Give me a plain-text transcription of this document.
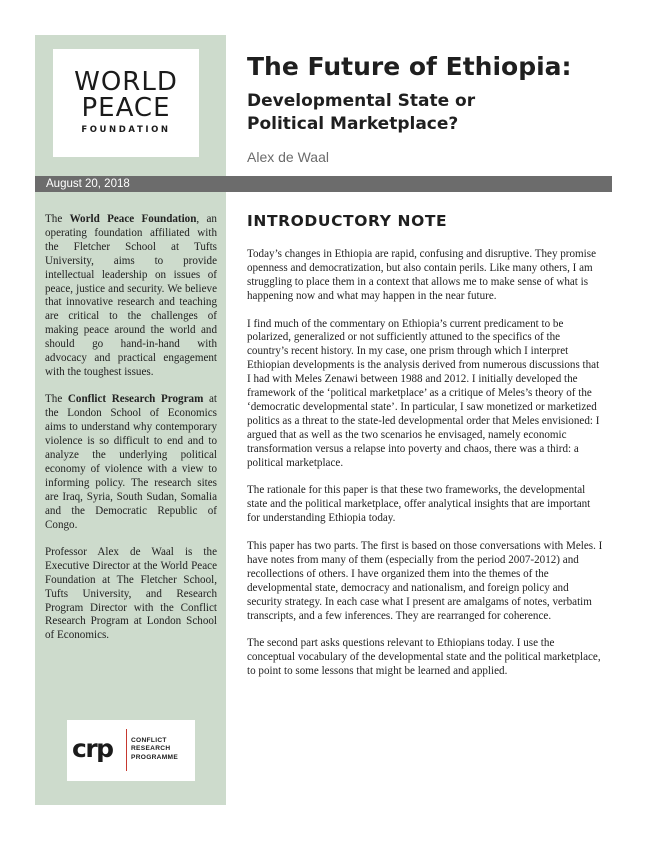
WORLD
PEACE
FOUNDATION
The Future of Ethiopia:
Developmental State or Political Marketplace?
Alex de Waal
August 20, 2018

The World Peace Foundation, an operating foundation affiliated with the Fletcher School at Tufts University, aims to provide intellectual leadership on issues of peace, justice and security. We believe that innovative research and teaching are critical to the challenges of making peace around the world and should go hand-in-hand with advocacy and practical engagement with the toughest issues.

The Conflict Research Program at the London School of Economics aims to understand why contemporary violence is so difficult to end and to analyze the underlying political economy of violence with a view to informing policy. The research sites are Iraq, Syria, South Sudan, Somalia and the Democratic Republic of Congo.

Professor Alex de Waal is the Executive Director at the World Peace Foundation at The Fletcher School, Tufts University, and Research Program Director with the Conflict Research Program at London School of Economics.

crp	CONFLICT
RESEARCH
PROGRAMME
INTRODUCTORY NOTE

Today’s changes in Ethiopia are rapid, confusing and disruptive. They promise openness and democratization, but also contain perils. Like many others, I am struggling to place them in a context that allows me to make sense of what is happening now and what may happen in the near future.

I find much of the commentary on Ethiopia’s current predicament to be polarized, generalized or not sufficiently attuned to the specifics of the country’s recent history. In my case, one prism through which I interpret Ethiopian developments is the analysis derived from numerous discussions that I had with Meles Zenawi between 1988 and 2012. I initially developed the framework of the ‘political marketplace’ as a critique of Meles’s theory of the ‘democratic developmental state’. In particular, I saw monetized or marketized politics as a threat to the state-led developmental order that Meles envisioned: I argued that as well as the two scenarios he envisaged, namely economic transformation versus a relapse into poverty and chaos, there was a third: a political marketplace.

The rationale for this paper is that these two frameworks, the developmental state and the political marketplace, offer analytical insights that are important for understanding Ethiopia today.

This paper has two parts. The first is based on those conversations with Meles. I have notes from many of them (especially from the period 2007-2012) and recollections of others. I have organized them into the themes of the developmental state, democracy and nationalism, and foreign policy and security strategy. In each case what I present are amalgams of notes, verbatim transcripts, and a few inferences. They are rearranged for coherence.

The second part asks questions relevant to Ethiopians today. I use the conceptual vocabulary of the developmental state and the political marketplace, to point to some lessons that might be learned and applied.
